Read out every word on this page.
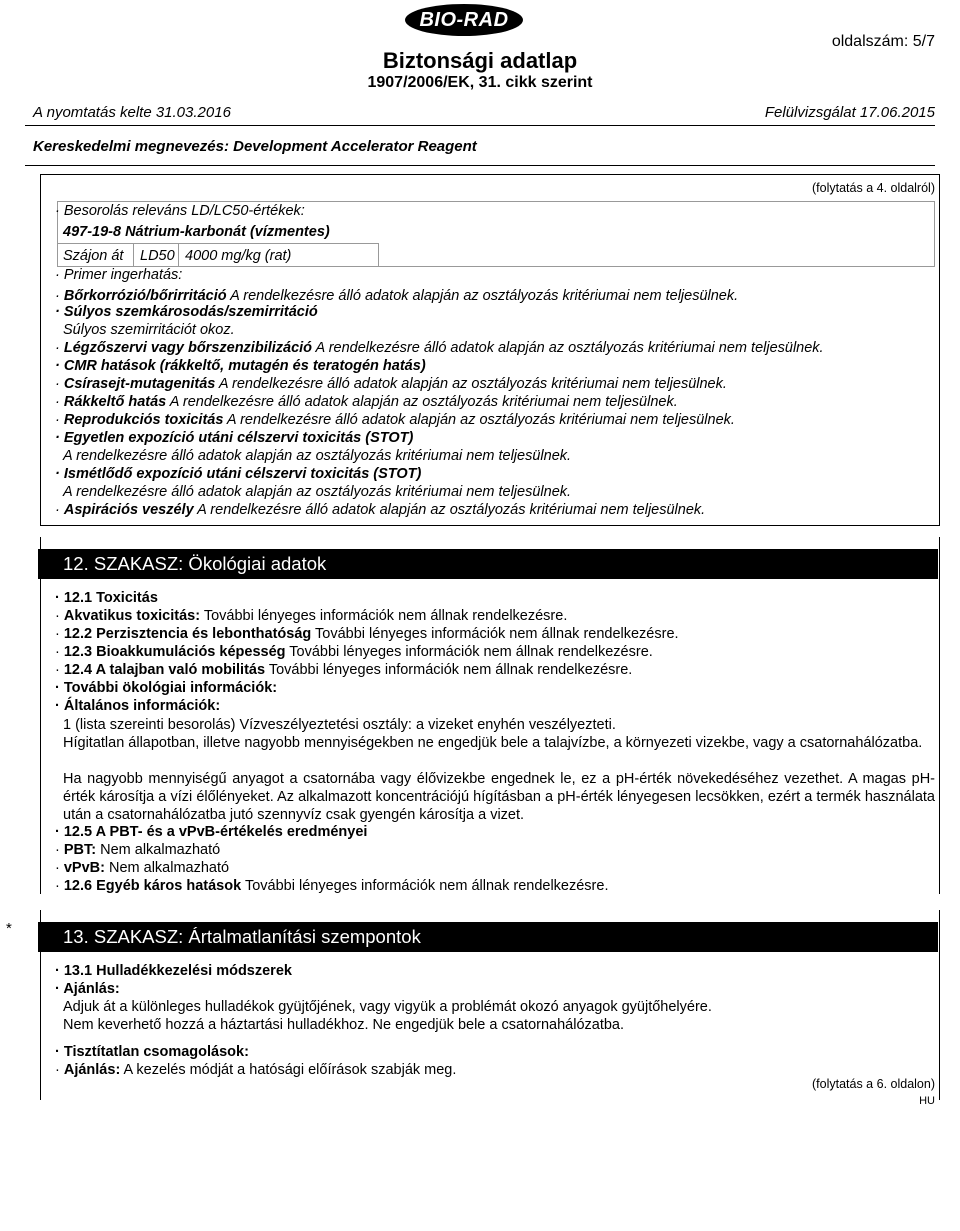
BIO-RAD
oldalszám: 5/7
Biztonsági adatlap
1907/2006/EK, 31. cikk szerint
A nyomtatás kelte 31.03.2016	Felülvizsgálat 17.06.2015
Kereskedelmi megnevezés: Development Accelerator Reagent
(folytatás a 4. oldalról)
· Besorolás releváns LD/LC50-értékek:
497-19-8 Nátrium-karbonát (vízmentes)
Szájon át	LD50 4000 mg/kg (rat)
· Primer ingerhatás:
· Bőrkorrózió/bőrirritáció A rendelkezésre álló adatok alapján az osztályozás kritériumai nem teljesülnek.
· Súlyos szemkárosodás/szemirritáció
Súlyos szemirritációt okoz.
· Légzőszervi vagy bőrszenzibilizáció A rendelkezésre álló adatok alapján az osztályozás kritériumai nem teljesülnek.
· CMR hatások (rákkeltő, mutagén és teratogén hatás)
· Csírasejt-mutagenitás A rendelkezésre álló adatok alapján az osztályozás kritériumai nem teljesülnek.
· Rákkeltő hatás A rendelkezésre álló adatok alapján az osztályozás kritériumai nem teljesülnek.
· Reprodukciós toxicitás A rendelkezésre álló adatok alapján az osztályozás kritériumai nem teljesülnek.
· Egyetlen expozíció utáni célszervi toxicitás (STOT)
A rendelkezésre álló adatok alapján az osztályozás kritériumai nem teljesülnek.
· Ismétlődő expozíció utáni célszervi toxicitás (STOT)
A rendelkezésre álló adatok alapján az osztályozás kritériumai nem teljesülnek.
· Aspirációs veszély A rendelkezésre álló adatok alapján az osztályozás kritériumai nem teljesülnek.
12. SZAKASZ: Ökológiai adatok
· 12.1 Toxicitás
· Akvatikus toxicitás: További lényeges információk nem állnak rendelkezésre.
· 12.2 Perzisztencia és lebonthatóság További lényeges információk nem állnak rendelkezésre.
· 12.3 Bioakkumulációs képesség További lényeges információk nem állnak rendelkezésre.
· 12.4 A talajban való mobilitás További lényeges információk nem állnak rendelkezésre.
· További ökológiai információk:
· Általános információk:
1 (lista szereinti besorolás) Vízveszélyeztetési osztály: a vizeket enyhén veszélyezteti.
Hígitatlan állapotban, illetve nagyobb mennyiségekben ne engedjük bele a talajvízbe, a környezeti vizekbe, vagy a csatornahálózatba.
Ha nagyobb mennyiségű anyagot a csatornába vagy élővizekbe engednek le, ez a pH-érték növekedéséhez vezethet. A magas pH-érték károsítja a vízi élőlényeket. Az alkalmazott koncentrációjú hígításban a pH-érték lényegesen lecsökken, ezért a termék használata után a csatornahálózatba jutó szennyvíz csak gyengén károsítja a vizet.
· 12.5 A PBT- és a vPvB-értékelés eredményei
· PBT: Nem alkalmazható
· vPvB: Nem alkalmazható
· 12.6 Egyéb káros hatások További lényeges információk nem állnak rendelkezésre.
*	13. SZAKASZ: Ártalmatlanítási szempontok
· 13.1 Hulladékkezelési módszerek
· Ajánlás:
Adjuk át a különleges hulladékok gyüjtőjének, vagy vigyük a problémát okozó anyagok gyüjtőhelyére.
Nem keverhető hozzá a háztartási hulladékhoz. Ne engedjük bele a csatornahálózatba.
· Tisztítatlan csomagolások:
· Ajánlás: A kezelés módját a hatósági előírások szabják meg.
(folytatás a 6. oldalon)
HU
